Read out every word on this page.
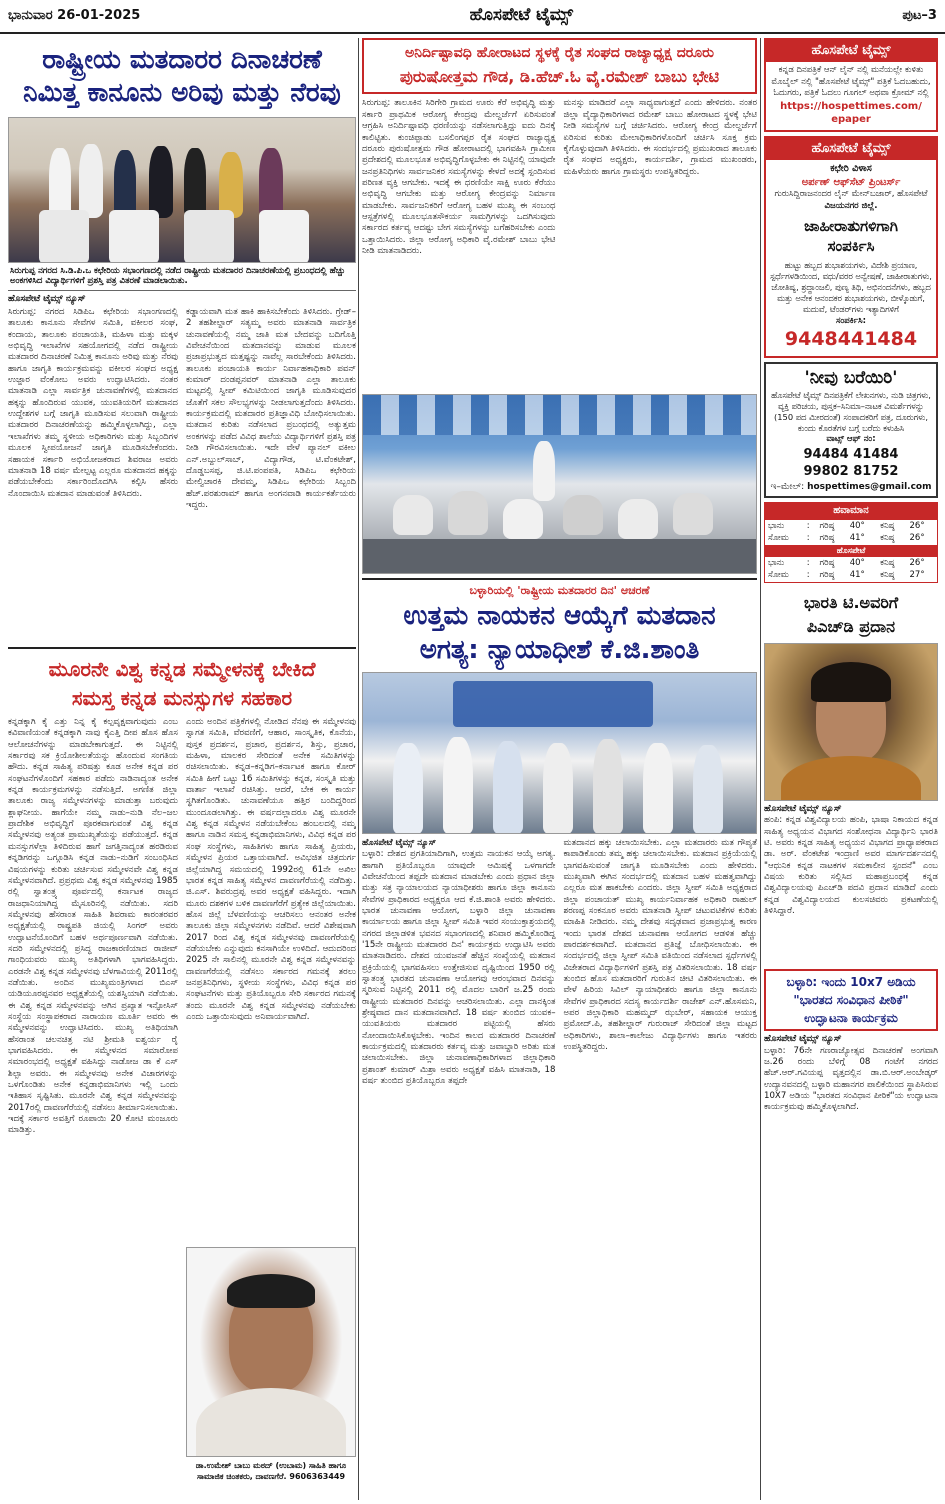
ಭಾನುವಾರ 26-01-2025	ಹೊಸಪೇಟೆ ಟೈಮ್ಸ್	ಪುಟ–3
ರಾಷ್ಟ್ರೀಯ ಮತದಾರರ ದಿನಾಚರಣೆ
ನಿಮಿತ್ತ ಕಾನೂನು ಅರಿವು ಮತ್ತು ನೆರವು
ಸಿರುಗುಪ್ಪ ನಗರದ ಸಿ.ಡಿ.ಪಿ.ಒ ಕಛೇರಿಯ ಸಭಾಂಗಣದಲ್ಲಿ ನಡೆದ ರಾಷ್ಟ್ರೀಯ ಮತದಾರರ ದಿನಾಚರಣೆಯಲ್ಲಿ ಪ್ರಬಂಧದಲ್ಲಿ ಹೆಚ್ಚು ಅಂಕಗಳಿಸಿದ ವಿದ್ಯಾರ್ಥಿಗಳಿಗೆ ಪ್ರಶಸ್ತಿ ಪತ್ರ ವಿತರಣೆ ಮಾಡಲಾಯಿತು.
ಹೊಸಪೇಟೆ ಟೈಮ್ಸ್ ನ್ಯೂಸ್
ಸಿರುಗುಪ್ಪ: ನಗರದ ಸಿಡಿಪಿಒ ಕಛೇರಿಯ ಸಭಾಂಗಣದಲ್ಲಿ ತಾಲೂಕು ಕಾನೂನು ಸೇವೆಗಳ ಸಮಿತಿ, ವಕೀಲರ ಸಂಘ, ಕಂದಾಯ, ತಾಲೂಕು ಪಂಚಾಯತಿ, ಮಹಿಳಾ ಮತ್ತು ಮಕ್ಕಳ ಅಭಿವೃದ್ಧಿ ಇಲಾಖೆಗಳ ಸಹಯೋಗದಲ್ಲಿ ನಡೆದ ರಾಷ್ಟ್ರೀಯ ಮತದಾರರ ದಿನಾಚರಣೆ ನಿಮಿತ್ತ ಕಾನೂನು ಅರಿವು ಮತ್ತು ನೆರವು ಹಾಗೂ ಜಾಗೃತಿ ಕಾರ್ಯಕ್ರಮವನ್ನು ವಕೀಲರ ಸಂಘದ ಅಧ್ಯಕ್ಷ ಉಜ್ಜಾರ ವೆಂಕೋಬ ಅವರು ಉದ್ಘಾಟಿಸಿದರು. ನಂತರ ಮಾತನಾಡಿ ಎಲ್ಲಾ ಸಾರ್ವತ್ರಿಕ ಚುನಾವಣೆಗಳಲ್ಲಿ ಮತದಾನದ ಹಕ್ಕನ್ನು ಹೊಂದಿರುವ ಯುವಕ, ಯುವತಿಯರಿಗೆ ಮತದಾನದ ಉದ್ದೇಶಗಳ ಬಗ್ಗೆ ಜಾಗೃತಿ ಮೂಡಿಸುವ ಸಲುವಾಗಿ ರಾಷ್ಟ್ರೀಯ ಮತದಾರರ ದಿನಾಚರಣೆಯನ್ನು ಹಮ್ಮಿಕೊಳ್ಳಲಾಗಿದ್ದು, ಎಲ್ಲಾ ಇಲಾಖೆಗಳು ತಮ್ಮ ಸ್ಥಳೀಯ ಅಧಿಕಾರಿಗಳು ಮತ್ತು ಸಿಬ್ಬಂದಿಗಳ ಮೂಲಕ ಸ್ವೀಪಯೋಜನೆ ಜಾಗೃತಿ ಮೂಡಿಸಬೇಕೆಂದರು. ಸಹಾಯಕ ಸರ್ಕಾರಿ ಅಭಿಯೋಜಕರಾದ ಶಿವರಾಜ ಅವರು ಮಾತನಾಡಿ 18 ವರ್ಷ ಮೇಲ್ಪಟ್ಟ ಎಲ್ಲರೂ ಮತದಾನದ ಹಕ್ಕನ್ನು ಪಡೆಯಬೇಕೆಂದು ಸರ್ಕಾರಿಂದೊದಗಿಸಿ ಕಲ್ಪಿಸಿ ಹೆಸರು ನೊಂದಾಯಿಸಿ ಮತದಾನ ಮಾಡುವಂತೆ ತಿಳಿಸಿದರು.
ಕಡ್ಡಾಯವಾಗಿ ಮತ ಹಾಕಿ ಹಾಕಿಸಬೇಕೆಂದು ತಿಳಿಸಿದರು. ಗ್ರೇಡ್–2 ತಹಶೀಲ್ದಾರ್ ಸತ್ಯಮ್ಮ ಅವರು ಮಾತನಾಡಿ ಸಾರ್ವತ್ರಿಕ ಚುನಾವಣೆಯಲ್ಲಿ ನಮ್ಮ ಜಾತಿ ಮತ ಬೇದವನ್ನು ಬದಿಗೊತ್ತಿ ವಿವೇಚನೆಯಿಂದ ಮತದಾನವನ್ನು ಮಾಡುವ ಮೂಲಕ ಪ್ರಜಾಪ್ರಭುತ್ವದ ಮತ್ತಷ್ಟನ್ನು ನಾವೆಲ್ಲ ಸಾರಬೇಕೆಂದು ತಿಳಿಸಿದರು. ತಾಲೂಕು ಪಂಚಾಯತಿ ಕಾರ್ಯ ನಿರ್ವಾಹಕಾಧಿಕಾರಿ ಪವನ್ ಕುಮಾರ್ ದಂಡಪ್ಪನವರ್ ಮಾತನಾಡಿ ಎಲ್ಲಾ ತಾಲೂಕು ಮಟ್ಟದಲ್ಲಿ ಸ್ವೀಪ್ ಕಮಿಟಿಯಿಂದ ಜಾಗೃತಿ ಮೂಡಿಸುವುದರ ಜೊತೆಗೆ ಸಕಲ ಸೌಲಭ್ಯಗಳನ್ನು ನೀಡಲಾಗುತ್ತದೆಂದು ತಿಳಿಸಿದರು. ಕಾರ್ಯಕ್ರಮದಲ್ಲಿ ಮತದಾರರ ಪ್ರತಿಜ್ಞಾವಿಧಿ ಬೋಧಿಸಲಾಯಿತು. ಮತದಾನ ಕುರಿತು ನಡೆಸಲಾದ ಪ್ರಬಂಧದಲ್ಲಿ ಅತ್ಯುತ್ತಮ ಅಂಕಗಳನ್ನು ಪಡೆದ ವಿವಿಧ ಶಾಲೆಯ ವಿದ್ಯಾರ್ಥಿಗಳಿಗೆ ಪ್ರಶಸ್ತಿ ಪತ್ರ ನೀಡಿ ಗೌರವಿಸಲಾಯಿತು. ಇದೇ ವೇಳೆ ಪ್ಯಾನಲ್ ವಕೀಲ ಎನ್.ಅಬ್ದುಲ್‌ಸಾಬ್, ವಿದ್ಯಾಗೌಡ, ಟಿ.ವೆಂಕಟೇಶ್, ದೊಡ್ಡಬಸಪ್ಪ, ಜಿ.ಟಿ.ಪಂಪಪತಿ, ಸಿಡಿಪಿಒ ಕಛೇರಿಯ ಮೇಲ್ವಿಚಾರಕಿ ದೇವಮ್ಮ, ಸಿಡಿಪಿಒ ಕಛೇರಿಯ ಸಿಬ್ಬಂದಿ ಹೆಚ್.ಪರಶುರಾಮ್ ಹಾಗೂ ಅಂಗನವಾಡಿ ಕಾರ್ಯಕರ್ತೆಯರು ಇದ್ದರು.
ಮೂರನೇ ವಿಶ್ವ ಕನ್ನಡ ಸಮ್ಮೇಳನಕ್ಕೆ ಬೇಕಿದೆ
ಸಮಸ್ತ ಕನ್ನಡ ಮನಸ್ಸುಗಳ ಸಹಕಾರ
ಕನ್ನಡಕ್ಕಾಗಿ ಕೈ ಎತ್ತು ನಿನ್ನ ಕೈ ಕಲ್ಪವೃಕ್ಷವಾಗುವುದು ಎಂಬ ಕವಿವಾಣಿಯಂತೆ ಕನ್ನಡಕ್ಕಾಗಿ ನಾವು ಕೈಎತ್ತಿ ದೀಪ ಹೊಸ ಹೊಸ ಆಲೋಚನೆಗಳನ್ನು ಮಾಡಬೇಕಾಗುತ್ತದೆ. ಈ ನಿಟ್ಟಿನಲ್ಲಿ ಸರ್ಕಾರವು ಸಕ ಕ್ರಿಯೋಶೀಲತೆಯನ್ನು ಹೊಂದುವ ಸಂಗತಿಯ ಹೌದು. ಕನ್ನಡ ಸಾಹಿತ್ಯ ಪರಿಷತ್ತು ಕೂಡ ಅನೇಕ ಕನ್ನಡ ಪರ ಸಂಘಟನೆಗಳೊಂದಿಗೆ ಸಹಕಾರ ಪಡೆದು ನಾಡಿನಾದ್ಯಂತ ಅನೇಕ ಕನ್ನಡ ಕಾರ್ಯಕ್ರಮಗಳನ್ನು ನಡೆಸುತ್ತಿದೆ. ಅಗಣಿತ ಜಿಲ್ಲಾ ತಾಲೂಕು ರಾಜ್ಯ ಸಮ್ಮೇಳನಗಳನ್ನು ಮಾಡುತ್ತಾ ಬರುವುದು ಶ್ಲಾಘನೀಯ. ಹಾಗೆಯೇ ನಮ್ಮ ನಾಡು–ನುಡಿ ನೆಲ–ಜಲ ಪ್ರಾದೇಶಿಕ ಅಭಿವೃದ್ಧಿಗೆ ಪೂರಕವಾಗುವಂತೆ ವಿಶ್ವ ಕನ್ನಡ ಸಮ್ಮೇಳನವು ಅತ್ಯಂತ ಪ್ರಾಮುಖ್ಯತೆಯನ್ನು ಪಡೆಯುತ್ತದೆ. ಕನ್ನಡ ಮನಸ್ಸುಗಳೆಲ್ಲಾ ತಿಳಿದಿರುವ ಹಾಗೆ ಜಗತ್ತಿನಾದ್ಯಂತ ಹರಡಿರುವ ಕನ್ನಡಿಗರನ್ನು ಒಗ್ಗೂಡಿಸಿ ಕನ್ನಡ ನಾಡು–ನುಡಿಗೆ ಸಂಬಂಧಿಸಿದ ವಿಷಯಗಳನ್ನು ಕುರಿತು ಚರ್ಚಿಸುವ ಸಮ್ಮೇಳನವೇ ವಿಶ್ವ ಕನ್ನಡ ಸಮ್ಮೇಳನವಾಗಿದೆ. ಪ್ರಪ್ರಥಮ ವಿಶ್ವ ಕನ್ನಡ ಸಮ್ಮೇಳನವು 1985 ರಲ್ಲಿ ಸ್ವಾತಂತ್ರ್ಯ ಪೂರ್ವದಲ್ಲಿ ಕರ್ನಾಟಕ ರಾಜ್ಯದ ರಾಜಧಾನಿಯಾಗಿದ್ದ ಮೈಸೂರಿನಲ್ಲಿ ನಡೆಯಿತು. ಸದರಿ ಸಮ್ಮೇಳನವು ಹೆಸರಾಂತ ಸಾಹಿತಿ ಶಿವರಾಮ ಕಾರಂತರವರ ಅಧ್ಯಕ್ಷತೆಯಲ್ಲಿ ರಾಷ್ಟ್ರಪತಿ ಜಿಯಲ್ಲಿ ಸಿಂಗರ್ ಅವರು ಉದ್ಘಾಟನೆಯೊಂದಿಗೆ ಬಹಳ ಅರ್ಥಪೂರ್ಣವಾಗಿ ನಡೆಯಿತು. ಸದರಿ ಸಮ್ಮೇಳನದಲ್ಲಿ ಪ್ರಸಿದ್ಧ ರಾಜಕಾರಣಿಯಾದ ರಾಜೀವ್ ಗಾಂಧಿಯವರು ಮುಖ್ಯ ಅತಿಥಿಗಳಾಗಿ ಭಾಗವಹಿಸಿದ್ದರು. ಎರಡನೇ ವಿಶ್ವ ಕನ್ನಡ ಸಮ್ಮೇಳನವು ಬೆಳಗಾವಿಯಲ್ಲಿ 2011ರಲ್ಲಿ ನಡೆಯಿತು. ಅಂದಿನ ಮುಖ್ಯಮಂತ್ರಿಗಳಾದ ಬಿಎಸ್ ಯಡಿಯೂರಪ್ಪನವರ ಅಧ್ಯಕ್ಷತೆಯಲ್ಲಿ ಯಶಸ್ವಿಯಾಗಿ ನಡೆಯಿತು. ಈ ವಿಶ್ವ ಕನ್ನಡ ಸಮ್ಮೇಳನವನ್ನು ಆಗಿನ ಪ್ರಖ್ಯಾತ ಇನ್ಫೋಸಿಸ್ ಸಂಸ್ಥೆಯ ಸಂಸ್ಥಾಪಕರಾದ ನಾರಾಯಣ ಮೂರ್ತಿ ಅವರು ಈ ಸಮ್ಮೇಳನವನ್ನು ಉದ್ಘಾಟಿಸಿದರು. ಮುಖ್ಯ ಅತಿಥಿಯಾಗಿ ಹೆಸರಾಂತ ಚಲನಚಿತ್ರ ನಟಿ ಶ್ರೀಮತಿ ಐಶ್ವರ್ಯ ರೈ ಭಾಗವಹಿಸಿದರು. ಈ ಸಮ್ಮೇಳನದ ಸಮಾರೋಪ ಸಮಾರಂಭದಲ್ಲಿ ಅಧ್ಯಕ್ಷತೆ ವಹಿಸಿದ್ದು ನಾಡೋಜ ಡಾ ಕೆ ಎಸ್ ಶಿಲ್ಪಾ ಅವರು. ಈ ಸಮ್ಮೇಳನವು ಅನೇಕ ವಿಚಾರಗಳನ್ನು ಒಳಗೊಂಡಿತು ಅನೇಕ ಕನ್ನಡಾಭಿಮಾನಿಗಳು ಇಲ್ಲಿ ಒಂದು ಇತಿಹಾಸ ಸೃಷ್ಟಿಸಿತು. ಮೂರನೇ ವಿಶ್ವ ಕನ್ನಡ ಸಮ್ಮೇಳನವನ್ನು 2017ರಲ್ಲಿ ದಾವಣಗೆರೆಯಲ್ಲಿ ನಡೆಸಲು ತೀರ್ಮಾನಿಸಲಾಯಿತು. ಇದಕ್ಕೆ ಸರ್ಕಾರ ಅವತ್ತಿಗೆ ರೂಪಾಯಿ 20 ಕೋಟಿ ಮಂಜೂರು ಮಾಡಿತ್ತು.
ಎಂದು ಅಂದಿನ ಪತ್ರಿಕೆಗಳಲ್ಲಿ ನೋಡಿದ ನೆನಪು ಈ ಸಮ್ಮೇಳನವು ಸ್ವಾಗತ ಸಮಿತಿ, ವೆರವಣಿಗೆ, ಆಹಾರ, ಸಾಂಸ್ಕೃತಿಕ, ಕೊನೆಯ, ಪುಸ್ತಕ ಪ್ರದರ್ಶನ, ಪ್ರಚಾರ, ಪ್ರದರ್ಶನ, ಶಿಸ್ತು, ಪ್ರಚಾರ, ಮಹಿಳಾ, ಮಾಲಕರ ಸೇರಿದಂತೆ ಅನೇಕ ಸಮಿತಿಗಳನ್ನು ರಚಿಸಲಾಯಿತು. ಕನ್ನಡ–ಕನ್ನಡಿಗ–ಕರ್ನಾಟಕ ಹಾಗೂ ಕೋರ್ ಸಮಿತಿ ಹೀಗೆ ಒಟ್ಟು 16 ಸಮಿತಿಗಳನ್ನು ಕನ್ನಡ, ಸಂಸ್ಕೃತಿ ಮತ್ತು ವಾರ್ತಾ ಇಲಾಖೆ ರಚಿಸಿತ್ತು. ಆದರೆ, ಬೇಕ ಈ ಕಾರ್ಯ ಸ್ಥಗಿತಗೊಂಡಿತು. ಚುನಾವಣೆಯೂ ಹತ್ತಿರ ಬಂದಿದ್ದರಿಂದ ಮುಂದೂಡಲಾಗಿತ್ತು. ಈ ವರ್ಷದಲ್ಲಾದರೂ ವಿಶ್ವ ಮೂರನೇ ವಿಶ್ವ ಕನ್ನಡ ಸಮ್ಮೇಳನ ನಡೆಯಬೇಕೆಂಬ ಹಂಬಲದಲ್ಲಿ ನಮ್ಮ ಹಾಗೂ ನಾಡಿನ ಸಮಸ್ತ ಕನ್ನಡಾಭಿಮಾನಿಗಳು, ವಿವಿಧ ಕನ್ನಡ ಪರ ಸಂಘ ಸಂಸ್ಥೆಗಳು, ಸಾಹಿತಿಗಳು ಹಾಗೂ ಸಾಹಿತ್ಯ ಪ್ರಿಯರು, ಸಮ್ಮೇಳನ ಪ್ರಿಯರ ಒತ್ತಾಯವಾಗಿದೆ. ಅವಿಭಜಿತ ಚಿತ್ರದುರ್ಗ ಜಿಲ್ಲೆಯಾಗಿದ್ದ ಸಮಯದಲ್ಲಿ 1992ರಲ್ಲಿ 61ನೇ ಅಖಿಲ ಭಾರತ ಕನ್ನಡ ಸಾಹಿತ್ಯ ಸಮ್ಮೇಳನ ದಾವಣಗೆರೆಯಲ್ಲಿ ನಡೆದಿತ್ತು. ಜಿ.ಎಸ್. ಶಿವರುದ್ರಪ್ಪ ಅವರ ಅಧ್ಯಕ್ಷತೆ ವಹಿಸಿದ್ದರು. ಇದಾಗಿ ಮೂರು ದಶಕಗಳ ಬಳಿಕ ದಾವಣಗೆರೆಗೆ ಪ್ರತ್ಯೇಕ ಜಿಲ್ಲೆಯಾಯಿತು. ಹೊಸ ಜಿಲ್ಲೆ ಬೆಳವಣಿಯನ್ನು ಆಚರಿಸಲು ಆನಂತರ ಅನೇಕ ತಾಲೂಕು ಜಿಲ್ಲಾ ಸಮ್ಮೇಳನಗಳು ನಡೆದಿವೆ. ಆದರೆ ವಿಶೇಷವಾಗಿ 2017 ರಿಂದ ವಿಶ್ವ ಕನ್ನಡ ಸಮ್ಮೇಳನವು ದಾವಣಗೆರೆಯಲ್ಲಿ ನಡೆಯಬೇಕು ಎನ್ನುವುದು ಕನಸಾಗಿಯೇ ಉಳಿದಿದೆ. ಆದುದರಿಂದ 2025 ನೇ ಸಾಲಿನಲ್ಲಿ ಮೂರನೇ ವಿಶ್ವ ಕನ್ನಡ ಸಮ್ಮೇಳನವನ್ನು ದಾವಣಗೆರೆಯಲ್ಲಿ ನಡೆಸಲು ಸರ್ಕಾರದ ಗಮನಕ್ಕೆ ತರಲು ಜನಪ್ರತಿನಿಧಿಗಳು, ಸ್ಥಳೀಯ ಸಂಸ್ಥೆಗಳು, ವಿವಿಧ ಕನ್ನಡ ಪರ ಸಂಘಟನೆಗಳು ಮತ್ತು ಪ್ರತಿಯೊಬ್ಬರೂ ಸೇರಿ ಸರ್ಕಾರದ ಗಮನಕ್ಕೆ ತಂದು ಮೂರನೇ ವಿಶ್ವ ಕನ್ನಡ ಸಮ್ಮೇಳನವು ನಡೆಯಬೇಕು ಎಂದು ಒತ್ತಾಯಿಸುವುದು ಅನಿವಾರ್ಯವಾಗಿದೆ.
ಡಾ.ಉಮೇಶ್ ಬಾಬು ಮಠದ್ (ಉಬಾಮ) ಸಾಹಿತಿ ಹಾಗೂ ಸಾಮಾಜಿಕ ಚಿಂತಕರು, ದಾವಣಗೆರೆ. 9606363449
ಅನಿರ್ದಿಷ್ಟಾವಧಿ ಹೋರಾಟದ ಸ್ಥಳಕ್ಕೆ ರೈತ ಸಂಘದ ರಾಜ್ಯಾಧ್ಯಕ್ಷ ದರೂರು
ಪುರುಷೋತ್ತಮ ಗೌಡ, ಡಿ.ಹೆಚ್.ಓ ವೈ.ರಮೇಶ್ ಬಾಬು ಭೇಟಿ
ಸಿರುಗುಪ್ಪ: ತಾಲೂಕಿನ ಸಿರಿಗೇರಿ ಗ್ರಾಮದ ಊರು ಕೆರೆ ಅಭಿವೃದ್ಧಿ ಮತ್ತು ಸರ್ಕಾರಿ ಪ್ರಾಥಮಿಕ ಆರೋಗ್ಯ ಕೇಂದ್ರವು ಮೇಲ್ದರ್ಜೆಗೆ ಏರಿಸುವಂತೆ ಆಗ್ರಹಿಸಿ ಅನಿರ್ದಿಷ್ಟಾವಧಿ ಧರಣಿಯನ್ನು ನಡೆಸಲಾಗುತ್ತಿದ್ದು ಐದು ದಿನಕ್ಕೆ ಕಾಲಿಟ್ಟಿತು. ಕುಂಚಿಪ್ಪಾಡು ಬಸಲಿಂಗಪ್ಪರ ರೈತ ಸಂಘದ ರಾಜ್ಯಾಧ್ಯಕ್ಷ ದರೂರು ಪುರುಷೋತ್ತಮ ಗೌಡ ಹೋರಾಟದಲ್ಲಿ ಭಾಗವಹಿಸಿ ಗ್ರಾಮೀಣ ಪ್ರದೇಶದಲ್ಲಿ ಮೂಲಭೂತ ಅಭಿವೃದ್ಧಿಗೊಳ್ಳಬೇಕು ಈ ನಿಟ್ಟಿನಲ್ಲಿ ಯಾವುದೇ ಜನಪ್ರತಿನಿಧಿಗಳು ಸಾರ್ವಜನಿಕರ ಸಮಸ್ಯೆಗಳನ್ನು ಕೇಳದೆ ಅದಕ್ಕೆ ಸ್ಪಂದಿಸುವ ಪರಿಣತ ವ್ಯಕ್ತಿ ಆಗಬೇಕು. ಇದಕ್ಕೆ ಈ ಧರಣಿಯೇ ಸಾಕ್ಷಿ ಊರು ಕೆರೆಯು ಅಭಿವೃದ್ಧಿ ಆಗಬೇಕು ಮತ್ತು ಆರೋಗ್ಯ ಕೇಂದ್ರವನ್ನು ನಿರ್ಮಾಣ ಮಾಡಬೇಕು. ಸಾರ್ವಜನಿಕರಿಗೆ ಆರೋಗ್ಯ ಬಹಳ ಮುಖ್ಯ ಈ ಸಂಬಂಧ ಆಸ್ಪತ್ರೆಗಳಲ್ಲಿ ಮೂಲಭೂತಸೌಕರ್ಯ ಸಾಮಗ್ರಿಗಳನ್ನು ಒದಗಿಸುವುದು ಸರ್ಕಾರದ ಕರ್ತವ್ಯ ಆದಷ್ಟು ಬೇಗ ಸಮಸ್ಯೆಗಳನ್ನು ಬಗೆಹರಿಸಬೇಕು ಎಂದು ಒತ್ತಾಯಿಸಿದರು. ಜಿಲ್ಲಾ ಆರೋಗ್ಯ ಅಧಿಕಾರಿ ವೈ.ರಮೇಶ್ ಬಾಬು ಭೇಟಿ ನೀಡಿ ಮಾತನಾಡಿದರು.
ಮನಸ್ಸು ಮಾಡಿದರೆ ಎಲ್ಲಾ ಸಾಧ್ಯವಾಗುತ್ತದೆ ಎಂದು ಹೇಳಿದರು. ನಂತರ ಜಿಲ್ಲಾ ವೈದ್ಯಾಧಿಕಾರಿಗಳಾದ ರಮೇಶ್ ಬಾಬು ಹೋರಾಟದ ಸ್ಥಳಕ್ಕೆ ಭೇಟಿ ನೀಡಿ ಸಮಸ್ಯೆಗಳ ಬಗ್ಗೆ ಚರ್ಚಿಸಿದರು. ಆರೋಗ್ಯ ಕೇಂದ್ರ ಮೇಲ್ದರ್ಜೆಗೆ ಏರಿಸುವ ಕುರಿತು ಮೇಲಾಧಿಕಾರಿಗಳೊಂದಿಗೆ ಚರ್ಚಿಸಿ ಸೂಕ್ತ ಕ್ರಮ ಕೈಗೊಳ್ಳುವುದಾಗಿ ತಿಳಿಸಿದರು. ಈ ಸಂದರ್ಭದಲ್ಲಿ ಪ್ರಮುಖರಾದ ತಾಲೂಕು ರೈತ ಸಂಘದ ಅಧ್ಯಕ್ಷರು, ಕಾರ್ಯದರ್ಶಿ, ಗ್ರಾಮದ ಮುಖಂಡರು, ಮಹಿಳೆಯರು ಹಾಗೂ ಗ್ರಾಮಸ್ಥರು ಉಪಸ್ಥಿತರಿದ್ದರು.
ಬಳ್ಳಾರಿಯಲ್ಲಿ 'ರಾಷ್ಟ್ರೀಯ ಮತದಾರರ ದಿನ' ಆಚರಣೆ
ಉತ್ತಮ ನಾಯಕನ ಆಯ್ಕೆಗೆ ಮತದಾನ
ಅಗತ್ಯ: ನ್ಯಾಯಾಧೀಶೆ ಕೆ.ಜಿ.ಶಾಂತಿ
ಹೊಸಪೇಟೆ ಟೈಮ್ಸ್ ನ್ಯೂಸ್
ಬಳ್ಳಾರಿ: ದೇಶದ ಪ್ರಗತಿಯಾದಿಗಾಗಿ, ಉತ್ತಮ ನಾಯಕನ ಆಯ್ಕೆ ಅಗತ್ಯ. ಹಾಗಾಗಿ ಪ್ರತಿಯೊಬ್ಬರೂ ಯಾವುದೇ ಆಮಿಷಕ್ಕೆ ಒಳಗಾಗದೇ ವಿವೇಚನೆಯಿಂದ ತಪ್ಪದೇ ಮತದಾನ ಮಾಡಬೇಕು ಎಂದು ಪ್ರಧಾನ ಜಿಲ್ಲಾ ಮತ್ತು ಸತ್ರ ನ್ಯಾಯಾಲಯದ ನ್ಯಾಯಾಧೀಶರು ಹಾಗೂ ಜಿಲ್ಲಾ ಕಾನೂನು ಸೇವೆಗಳ ಪ್ರಾಧಿಕಾರದ ಅಧ್ಯಕ್ಷರೂ ಆದ ಕೆ.ಜಿ.ಶಾಂತಿ ಅವರು ಹೇಳಿದರು. ಭಾರತ ಚುನಾವಣಾ ಆಯೋಗ, ಬಳ್ಳಾರಿ ಜಿಲ್ಲಾ ಚುನಾವಣಾ ಕಾರ್ಯಾಲಯ ಹಾಗೂ ಜಿಲ್ಲಾ ಸ್ವೀಪ್ ಸಮಿತಿ ಇವರ ಸಂಯುಕ್ತಾಶ್ರಯದಲ್ಲಿ ನಗರದ ಜಿಲ್ಲಾಡಳಿತ ಭವನದ ಸಭಾಂಗಣದಲ್ಲಿ ಶನಿವಾರ ಹಮ್ಮಿಕೊಂಡಿದ್ದ '15ನೇ ರಾಷ್ಟ್ರೀಯ ಮತದಾರರ ದಿನ' ಕಾರ್ಯಕ್ರಮ ಉದ್ಘಾಟಿಸಿ ಅವರು ಮಾತನಾಡಿದರು. ದೇಶದ ಯುವಜನತೆ ಹೆಚ್ಚಿನ ಸಂಖ್ಯೆಯಲ್ಲಿ ಮತದಾನ ಪ್ರಕ್ರಿಯೆಯಲ್ಲಿ ಭಾಗವಹಿಸಲು ಉತ್ತೇಜಿಸುವ ದೃಷ್ಟಿಯಿಂದ 1950 ರಲ್ಲಿ ಸ್ವಾತಂತ್ರ್ಯ ಭಾರತದ ಚುನಾವಣಾ ಆಯೋಗವು ಆರಂಭವಾದ ದಿನವನ್ನು ಸ್ಮರಿಸುವ ನಿಟ್ಟಿನಲ್ಲಿ 2011 ರಲ್ಲಿ ಮೊದಲ ಬಾರಿಗೆ ಜ.25 ರಂದು ರಾಷ್ಟ್ರೀಯ ಮತದಾರರ ದಿನವನ್ನು ಆಚರಿಸಲಾಯಿತು. ಎಲ್ಲಾ ದಾನಕ್ಕಿಂತ ಶ್ರೇಷ್ಠವಾದ ದಾನ ಮತದಾನವಾಗಿದೆ. 18 ವರ್ಷ ತುಂಬಿದ ಯುವಕ–ಯುವತಿಯರು ಮತದಾರರ ಪಟ್ಟಿಯಲ್ಲಿ ಹೆಸರು ನೋಂದಾಯಿಸಿಕೊಳ್ಳಬೇಕು. ಇಂದಿನ ಕಾಲದ ಮತದಾರರ ದಿನಾಚರಣೆ ಕಾರ್ಯಕ್ರಮದಲ್ಲಿ ಮತದಾರರು ಕರ್ತವ್ಯ ಮತ್ತು ಜವಾಬ್ದಾರಿ ಅರಿತು ಮತ ಚಲಾಯಿಸಬೇಕು. ಜಿಲ್ಲಾ ಚುನಾವಣಾಧಿಕಾರಿಗಳಾದ ಜಿಲ್ಲಾಧಿಕಾರಿ ಪ್ರಶಾಂತ್ ಕುಮಾರ್ ಮಿಶ್ರಾ ಅವರು ಅಧ್ಯಕ್ಷತೆ ವಹಿಸಿ ಮಾತನಾಡಿ, 18 ವರ್ಷ ತುಂಬಿದ ಪ್ರತಿಯೊಬ್ಬರೂ ತಪ್ಪದೇ
ಮತದಾನದ ಹಕ್ಕು ಚಲಾಯಿಸಬೇಕು. ಎಲ್ಲಾ ಮತದಾರರು ಮತ ಗೌಪ್ಯತೆ ಕಾಪಾಡಿಕೊಂಡು ತಮ್ಮ ಹಕ್ಕು ಚಲಾಯಿಸಬೇಕು. ಮತದಾನ ಪ್ರಕ್ರಿಯೆಯಲ್ಲಿ ಭಾಗವಹಿಸುವಂತೆ ಜಾಗೃತಿ ಮೂಡಿಸಬೇಕು ಎಂದು ಹೇಳಿದರು. ಮುಖ್ಯವಾಗಿ ಈಗಿನ ಸಂದರ್ಭದಲ್ಲಿ ಮತದಾನ ಬಹಳ ಮಹತ್ವವಾಗಿದ್ದು ಎಲ್ಲರೂ ಮತ ಹಾಕಬೇಕು ಎಂದರು. ಜಿಲ್ಲಾ ಸ್ವೀಪ್ ಸಮಿತಿ ಅಧ್ಯಕ್ಷರಾದ ಜಿಲ್ಲಾ ಪಂಚಾಯತ್ ಮುಖ್ಯ ಕಾರ್ಯನಿರ್ವಾಹಕ ಅಧಿಕಾರಿ ರಾಹುಲ್ ಶರಣಪ್ಪ ಸಂಕನೂರ ಅವರು ಮಾತನಾಡಿ ಸ್ವೀಪ್ ಚಟುವಟಿಕೆಗಳ ಕುರಿತು ಮಾಹಿತಿ ನೀಡಿದರು. ನಮ್ಮ ದೇಶವು ಸದೃಢವಾದ ಪ್ರಜಾಪ್ರಭುತ್ವ ಕಾರಣ ಇಂದು ಭಾರತ ದೇಶದ ಚುನಾವಣಾ ಆಯೋಗದ ಆಡಳಿತ ಹೆಚ್ಚು ಪಾರದರ್ಶಕವಾಗಿದೆ. ಮತದಾನದ ಪ್ರತಿಜ್ಞೆ ಬೋಧಿಸಲಾಯಿತು. ಈ ಸಂದರ್ಭದಲ್ಲಿ ಜಿಲ್ಲಾ ಸ್ವೀಪ್ ಸಮಿತಿ ವತಿಯಿಂದ ನಡೆಸಲಾದ ಸ್ಪರ್ಧೆಗಳಲ್ಲಿ ವಿಜೇತರಾದ ವಿದ್ಯಾರ್ಥಿಗಳಿಗೆ ಪ್ರಶಸ್ತಿ ಪತ್ರ ವಿತರಿಸಲಾಯಿತು. 18 ವರ್ಷ ತುಂಬಿದ ಹೊಸ ಮತದಾರರಿಗೆ ಗುರುತಿನ ಚೀಟಿ ವಿತರಿಸಲಾಯಿತು. ಈ ವೇಳೆ ಹಿರಿಯ ಸಿವಿಲ್ ನ್ಯಾಯಾಧೀಶರು ಹಾಗೂ ಜಿಲ್ಲಾ ಕಾನೂನು ಸೇವೆಗಳ ಪ್ರಾಧಿಕಾರದ ಸದಸ್ಯ ಕಾರ್ಯದರ್ಶಿ ರಾಜೇಶ್ ಎನ್.ಹೊಸಮನಿ, ಅಪರ ಜಿಲ್ಲಾಧಿಕಾರಿ ಮಹಮ್ಮದ್ ಝಬೇರ್, ಸಹಾಯಕ ಆಯುಕ್ತ ಪ್ರಮೋದ್.ಪಿ, ತಹಶೀಲ್ದಾರ್ ಗುರುರಾಜ್ ಸೇರಿದಂತೆ ಜಿಲ್ಲಾ ಮಟ್ಟದ ಅಧಿಕಾರಿಗಳು, ಶಾಲಾ–ಕಾಲೇಜು ವಿದ್ಯಾರ್ಥಿಗಳು ಹಾಗೂ ಇತರರು ಉಪಸ್ಥಿತರಿದ್ದರು.
ಹೊಸಪೇಟೆ ಟೈಮ್ಸ್
ಕನ್ನಡ ದಿನಪತ್ರಿಕೆ ಆನ್ ಲೈನ್ ನಲ್ಲಿ ಮನೆಯಲ್ಲೇ ಕುಳಿತು ಮೊಬೈಲ್ ನಲ್ಲಿ "ಹೊಸಪೇಟೆ ಟೈಮ್ಸ್" ಪತ್ರಿಕೆ ಓದಬಹುದು, ಓದುಗರು, ಪತ್ರಿಕೆ ಓದಲು ಗೂಗಲ್ ಅಥವಾ ಕ್ರೋಮ್ ನಲ್ಲಿ
https://hospettimes.com/
epaper
ಹೊಸಪೇಟೆ ಟೈಮ್ಸ್
ಕಛೇರಿ ವಿಳಾಸ
ಅರ್ಪಣ್ ಆಫ್‌ಸೆಟ್ ಪ್ರಿಂಟರ್ಸ್
ಗುರುಸಿದ್ದಿರಾಜನಂದರ ಲೈನ್ ಮೇನ್‌ಬಜಾರ್, ಹೊಸಪೇಟೆ
ವಿಜಯನಗರ ಜಿಲ್ಲೆ.
ಜಾಹೀರಾತುಗಳಿಗಾಗಿ
ಸಂಪರ್ಕಿಸಿ
ಹುಟ್ಟು ಹಬ್ಬದ ಶುಭಾಶಯಗಳು, ವಿದೇಶಿ ಪ್ರಯಾಣ, ಸ್ಪರ್ಧೆಗಳಡಿಯಿಂದ, ವಧು/ವರರ ಅನ್ವೇಷಣೆ, ಜಾಹೀರಾತುಗಳು, ಜೋತಿಷ್ಯ, ಶ್ರದ್ಧಾಂಜಲಿ, ಪುಣ್ಯ ತಿಥಿ, ಅಭಿನಂದನೆಗಳು, ಹಬ್ಬದ ಮತ್ತು ಅನೇಕ ಆನಂದಕರ ಶುಭಾಶಯಗಳು, ಬೀಳ್ಕೊಡುಗೆ, ಮದುವೆ, ಟೆಂಡರ್‌ಗಳು ಇತ್ಯಾದಿಗಳಿಗೆ
ಸಂಪರ್ಕಿಸಿ:
9448441484
'ನೀವು ಬರೆಯಿರಿ'
ಹೊಸಪೇಟೆ ಟೈಮ್ಸ್ ದಿನಪತ್ರಿಕೆಗೆ ಲೇಖನಗಳು, ನುಡಿ ಚಿತ್ರಗಳು, ವ್ಯಕ್ತಿ ಪರಿಚಯ, ಪುಸ್ತಕ–ಸಿನಿಮಾ–ನಾಟಕ ವಿಮರ್ಶೆಗಳನ್ನು (150 ಪದ ಮೀರದಂತೆ) ಸಂಪಾದಕರಿಗೆ ಪತ್ರ, ದೂರುಗಳು, ಕುಂದು ಕೊರತೆಗಳ ಬಗ್ಗೆ ಬರೆದು ಕಳುಹಿಸಿ
ವಾಟ್ಸ್ ಆಫ್ ನಂ:
94484 41484
99802 81752
ಇ–ಮೇಲ್: hospettimes@gmail.com
ಹವಾಮಾನ
ಭಾನು	:	ಗರಿಷ್ಠ	40°	ಕನಿಷ್ಠ	26°
ಸೋಮ	:	ಗರಿಷ್ಠ	41°	ಕನಿಷ್ಠ	26°
ಹೊಸಪೇಟೆ
ಭಾನು	:	ಗರಿಷ್ಠ	40°	ಕನಿಷ್ಠ	26°
ಸೋಮ	:	ಗರಿಷ್ಠ	41°	ಕನಿಷ್ಠ	27°
ಭಾರತಿ ಟಿ.ಅವರಿಗೆ
ಪಿಎಚ್‌ಡಿ ಪ್ರದಾನ
ಹೊಸಪೇಟೆ ಟೈಮ್ಸ್ ನ್ಯೂಸ್
ಹಂಪಿ: ಕನ್ನಡ ವಿಶ್ವವಿದ್ಯಾಲಯ ಹಂಪಿ, ಭಾಷಾ ನಿಕಾಯದ ಕನ್ನಡ ಸಾಹಿತ್ಯ ಅಧ್ಯಯನ ವಿಭಾಗದ ಸಂಶೋಧನಾ ವಿದ್ಯಾರ್ಥಿನಿ ಭಾರತಿ ಟಿ. ಅವರು ಕನ್ನಡ ಸಾಹಿತ್ಯ ಅಧ್ಯಯನ ವಿಭಾಗದ ಪ್ರಾಧ್ಯಾಪಕರಾದ ಡಾ. ಅರ್. ವೆಂಕಟೇಶ ಇಂದ್ರಾಣಿ ಅವರ ಮಾರ್ಗದರ್ಶನದಲ್ಲಿ "ಆಧುನಿಕ ಕನ್ನಡ ನಾಟಕಗಳ ಸಮಕಾಲೀನ ಸ್ಪಂದನೆ" ಎಂಬ ವಿಷಯ ಕುರಿತು ಸಲ್ಲಿಸಿದ ಮಹಾಪ್ರಬಂಧಕ್ಕೆ ಕನ್ನಡ ವಿಶ್ವವಿದ್ಯಾಲಯವು ಪಿಎಚ್‌ಡಿ ಪದವಿ ಪ್ರದಾನ ಮಾಡಿದೆ ಎಂದು ಕನ್ನಡ ವಿಶ್ವವಿದ್ಯಾಲಯದ ಕುಲಸಚಿವರು ಪ್ರಕಟಣೆಯಲ್ಲಿ ತಿಳಿಸಿದ್ದಾರೆ.
ಬಳ್ಳಾರಿ: ಇಂದು 10x7 ಅಡಿಯ
"ಭಾರತದ ಸಂವಿಧಾನ ಪೀಠಿಕೆ"
ಉದ್ಘಾಟನಾ ಕಾರ್ಯಕ್ರಮ
ಹೊಸಪೇಟೆ ಟೈಮ್ಸ್ ನ್ಯೂಸ್
ಬಳ್ಳಾರಿ: 76ನೇ ಗಣರಾಜ್ಯೋತ್ಸವ ದಿನಾಚರಣೆ ಅಂಗವಾಗಿ ಜ.26 ರಂದು ಬೆಳಿಗ್ಗೆ 08 ಗಂಟೆಗೆ ನಗರದ ಹೆಚ್.ಆರ್.ಗವಿಯಪ್ಪ ವೃತ್ತದಲ್ಲಿನ ಡಾ.ಬಿ.ಆರ್.ಅಂಬೇಡ್ಕರ್ ಉದ್ಯಾನವನದಲ್ಲಿ ಬಳ್ಳಾರಿ ಮಹಾನಗರ ಪಾಲಿಕೆಯಿಂದ ಸ್ಥಾಪಿಸಿರುವ 10X7 ಅಡಿಯ "ಭಾರತದ ಸಂವಿಧಾನ ಪೀಠಿಕೆ"ಯ ಉದ್ಘಾಟನಾ ಕಾರ್ಯಕ್ರಮವು ಹಮ್ಮಿಕೊಳ್ಳಲಾಗಿದೆ.
